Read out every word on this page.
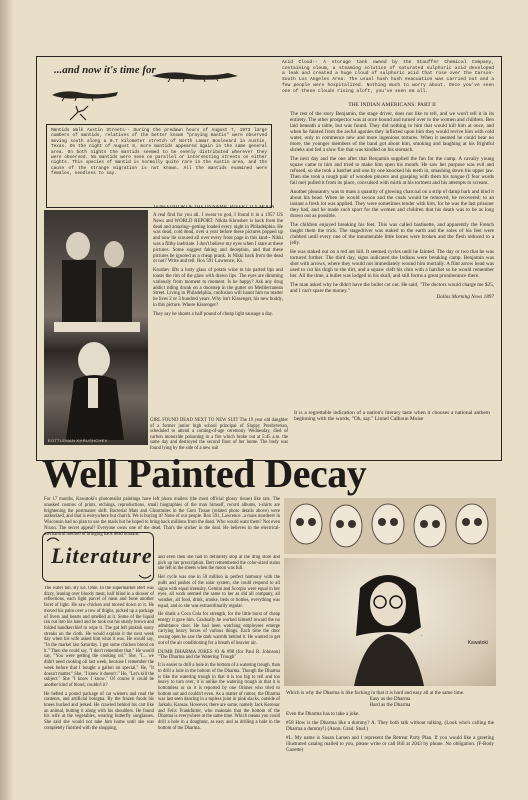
...and now it's time for

Mantids Walk Austin Streets-- During the predawn hours of August 7, 1973 large numbers of mantids, relatives of the better known "praying mantis" were observed moving south along a 0.7 kilometer stretch of North Lamar Boulevard in Austin, Texas. On the night of August 8, more mantids appeared again in the same general area. On both nights the mantids seemed to be evenly distributed wherever they were observed. No mantids were seen on parallel or intersecting streets on either nights. This species of mantid is normally quite rare in the Austin area, and the cause of the strange migration is not known. All the mantids examined were females, needless to say.

Acid Cloud-- A storage tank owned by the Stauffer Chemical Company, containing oleum, a steaming solution of saturated sulphuric acid developed a leak and created a huge cloud of sulphuric acid that rose over the Carson-South Los Angeles Area. The usual hush hush evacuation was carried out and a few people were hospitalized. Nothing much to worry about. Once you've seen one of these clouds rising aloft, you've seen em all.

THE INDIAN AMERICANS: PART II

The rest of the story Benjamin, the stage driver, does not like to tell, and we won't tell it in its entirety. The other prospector was at once bound and turned over to the women and children. Ben laid beneath a table, but was found. They did nothing to him that would kill him at once, and when he fainted from the awful agonies they inflicted upon him they would revive him with cold water, only to commence new and more ingenious tortures. When it seemed he could bear no more, the younger members of the band got about him, smoking and laughing at his frightful shrieks and fed a slow fire that was kindled on his stomach.

The next day and the one after that Benjamin supplied the fun for the camp. A cavalry young squaw came to him and tried to make him open his mouth. He saw her purpose was evil and refused, so she took a hatchet and one by one knocked his teeth in, smashing down his upper jaw. Then she took a rough pair of wooden pincers and grasping with them his tongue (I fear words fail me) pulled it from its place, convulsed with mirth at his torment and his attempts to scream.

Another pleasantry was to mass a quantity of glowing charcoal on a strip of damp bark and bind it about his head. When he would swoon and the coals would be removed, he recovered; to an instant a fresh lot was applied. They were sometimes tender with him, for he was the last prisoner they had, and he made such sport for the women and children that his death was to be as long drawn out as possible.

The children enjoyed breaking his feet. This was called bastinette, and apparently the French taught them the trick. The stagedriver was staked to the earth and the soles of his feet were clubbed until every one of the innumerable little bones were broken and the flesh reduced to a jelly.

He was staked out on a red ant hill. It seemed cycles until he fainted. The day or two that he was tortured further. The third day, signs indicated the Indians were breaking camp. Benjamin was shot with arrows, where they would not immediately wound him mortally. A flint arrow head was used to cut his thigh to the dirt, and a squaw cleft his chin with a hatchet so he would remember her. All the time, a bullet was lodged in his skull, and still forms a great protuberance there.

The man asked why he didn't have the bullet cut out. He said, "The doctors would charge me $25, and I can't spare the money."

Dallas Morning News 1897
EOTTLEMAN KHRUSHCHEV
To the EDITOR OF THE DYNAMIC RIVER CITY MOON

A real find for you all. I swear to god, I found it in a 1957 US News and WORLD REPORT. Nikita Khrushev is back from the dead and amazing--getting loaded every night in Philadelphia. He was dead, cold dead, over a year before these pictures popped up and now lie scoured all over every front page in this land-- Nikki was a filthy inebriate. I don't believe my eyes when I stare at these pictures. Some suggest faking and deception, and that these pictures be ignored as a cheap prank. Is Nikki back from the dead or not? Write and tell. Box 591 Lawrence, Ks.

Krushev lifts a lusty glass of potato wine to his parted lips and toasts the rim of the glass with drawn lips. The eyes are dimming variously from moment to moment. Is he happy? Ask any drug addict riding drunk on a doorstep in the gutter on Mediterranean Street. Living in Philadelphia, confusion will haunt him no matter he lives 2 or 3 hundred years. Why isn't Kissenger, his new buddy, in this picture. Where Kissenger?

They say he shoots a half pound of cheap light sausage a day.

GIRL FOUND DEAD NEXT TO NEW SUIT The 19 year old daughter of a former junior high school principal of Sloppy Presbyterian, scheduled to attend a coming-of-age ceremony Wednesday, died of carbon monoxide poisoning in a fire which broke out at 5:45 a.m. the same day and destroyed the second floor of her home. The body was found lying by the side of a new suit

It is a regrettable indication of a nation's literary taste when it chooses a national anthem beginning with the words, "Oh, say." Lionel Calhoun Moise

Well Painted Decay

For 17 months, Kawatoki's photorealist paintings have left photo mailers (the most official glossy tissue) like rats. The unasked cosmos of prints, etchings, reproductions, small biographies of the man himself, record albums, t-shirts are brightening the postmaster shift. Bacterial Mats and Ghostmites in the Gum Tissue (related photo details above) were authorized, and that is everywhere but church. We is buying it? None of our people. Box 591, Lawrence...a mass murderer in Wisconsin had no plan to use the mails but he hoped to bring back millions from the dead. Who would want them? Not even Nixon. The secret appeal? Everyone owns one of the dead. That's the sticker in the deal. He believes in the electrical-mechanical method of bringing back dead humans.

Literature

The water tub. By Ed. Ohle. In the supermarket Bert was dizzy, leaning over bloody meat, half blind in a shower of reflections, each light parcel of meat and bone another facet of light. He saw chicken and moved down to it. He moved his palm over a row of thighs, picked up a package of livers and hearts and smelled at it. Some of the liquid ran out into his hand and he took out his sturdy brown and folded handkerchief to wipe it. The gal left pinkish sooty streaks on the cloth. He would explain it the next week day when his wife asked him what it was. He would say, "In the market last Saturday. I got some chicken blood on it." Then she could say, "I don't remember that." He would say, "You were getting the cooking oil." She, "I... we didn't need cooking oil last week, because I remember the week before that I bought a gallon on special." He, "It doesn't matter." She, "I knew it doesn't." He, "Let's kill the subject." She "I know I know." Of course it could be another kind of blood, couldn't it?

He hefted a pound package of cat wieners and read the contents, and artificial bologna. By the frozen foods his knees bucked and jerked. He crawled behind his cart like an animal, butting it along with his shoulders. He found his wife at the vegetables, wearing butterfly sunglasses. She said she would not take him home until she was completely finished with the shopping,

and even then she had to definitely stop at the drug store and pick up her prescription. Bert remembered the color-sized stains she left in the sheets when the moon was full.

Her cycle was one in 50 million in perfect harmony with the pulls and pushes of the solar system, she could respond to all signs with equal intensity, Gemini and Scorpio were equal in her eyes, all work seemed the same to her as did all company, all weather, all food, drink, smoke, beds or bottles, everything was equal, and so she was extraordinarily regular.

He drank a Coca Cola for strength, for the little burst of cheap energy it gave him. Gradually he worked himself toward the no admittance door. He had been watching employees emerge carrying heavy boxes of various things. Each time the door swung open he saw the dark warmth behind it. He wanted to get out of the air conditioning for a breath of heavier air.

DUMB DHARMA JOKES #3 & #98 (for Paul R. Johnson) "The Dharma and the Watering Trough"

It is easier to drill a hole in the bottom of a watering trough, than to drill a hole in the bottom of the Dharma. Though the Dharma is like the watering trough in that it is too big to tell and too heavy to turn over, it is unlike the watering trough in that it is bottomless or so it is reported by one Orimes who tried to bottom out and couldn't even. As a matter of rumor, the Dharma was last seen dancing in a topless joint in pink slacks, outside of Jarkalu, Kansas. However, there are some, namely Jack Kerouac and Felix Frankfurter, who maintain that the bottom of the Dharma is everywhere at the same time. Which means you could drill a hole in a doughnut, as easy and as drilling a hole in the bottom of the Dharma.

Kawatoki

Which is why the Dharma is like fucking in that it is hard and easy all at the same time.

Easy as the Dharma
Hard as the Dharma

Even the Dharma has to take a joke.

#58 How is the Dharma like a dummy? A. They both talk without talking. (Look who's calling the Dharma a dummy!) (Anon. Grad. Stud.)

#L. My name is Susan Larsen and I represent the Retreat Party Plan. If you would like a greeting illustrated catalog mailed to you, please write or call Bill at 2043 by phone. No obligation. (F-Body Gazette)
